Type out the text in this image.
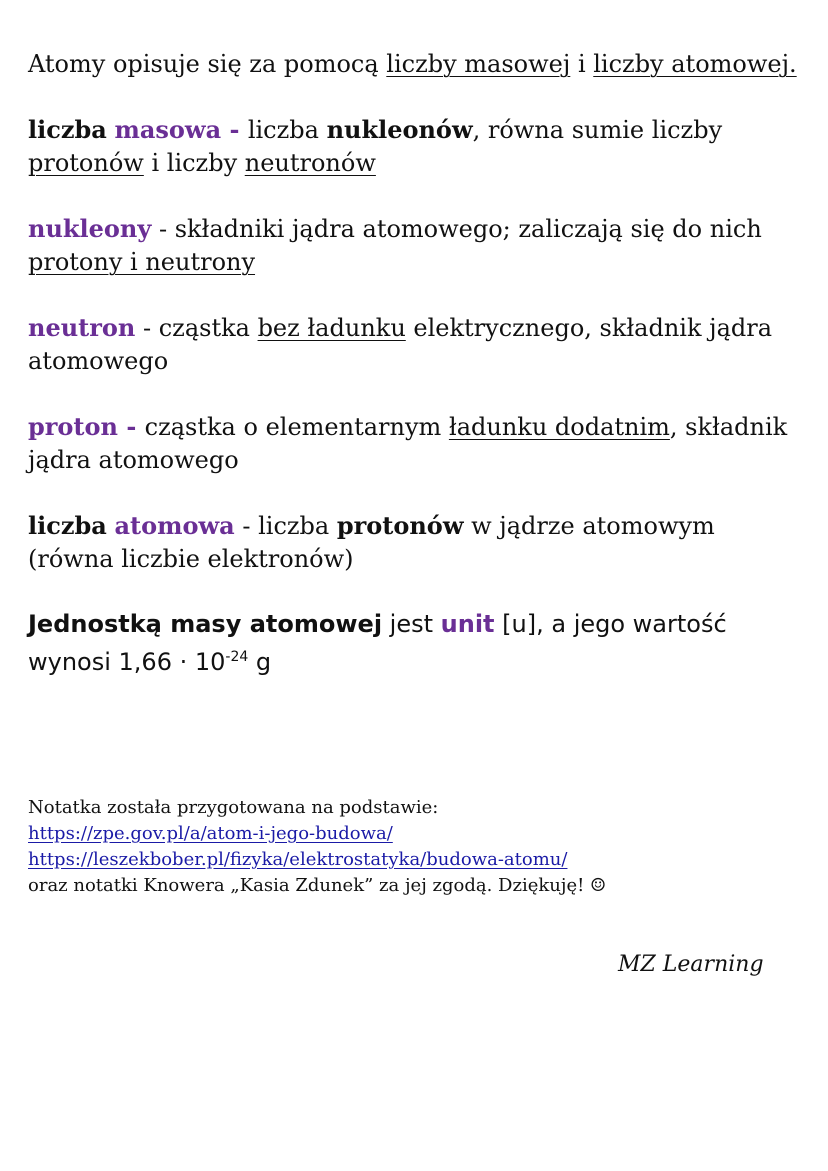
Atomy opisuje się za pomocą liczby masowej i liczby atomowej.

liczba masowa - liczba nukleonów, równa sumie liczby protonów i liczby neutronów

nukleony - składniki jądra atomowego; zaliczają się do nich protony i neutrony

neutron - cząstka bez ładunku elektrycznego, składnik jądra atomowego

proton - cząstka o elementarnym ładunku dodatnim, składnik jądra atomowego

liczba atomowa - liczba protonów w jądrze atomowym (równa liczbie elektronów)

Jednostką masy atomowej jest unit [u], a jego wartość wynosi $1,66 \cdot 10^{-24}$ g

Notatka została przygotowana na podstawie:
https://zpe.gov.pl/a/atom-i-jego-budowa/
https://leszekbober.pl/fizyka/elektrostatyka/budowa-atomu/
oraz notatki Knowera „Kasia Zdunek” za jej zgodą. Dziękuję! ☺
MZ Learning
